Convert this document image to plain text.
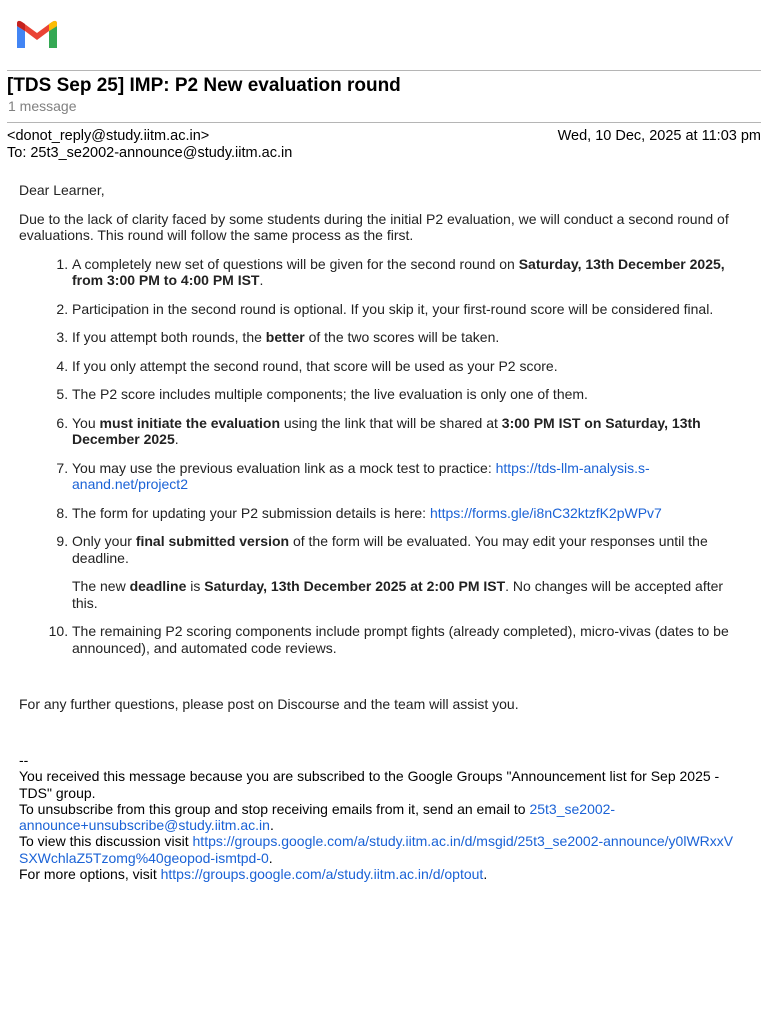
[TDS Sep 25] IMP: P2 New evaluation round
1 message
<donot_reply@study.iitm.ac.in>	Wed, 10 Dec, 2025 at 11:03 pm
To: 25t3_se2002-announce@study.iitm.ac.in

Dear Learner,

Due to the lack of clarity faced by some students during the initial P2 evaluation, we will conduct a second round of evaluations. This round will follow the same process as the first.

1. A completely new set of questions will be given for the second round on Saturday, 13th December 2025, from 3:00 PM to 4:00 PM IST.
2. Participation in the second round is optional. If you skip it, your first-round score will be considered final.
3. If you attempt both rounds, the better of the two scores will be taken.
4. If you only attempt the second round, that score will be used as your P2 score.
5. The P2 score includes multiple components; the live evaluation is only one of them.
6. You must initiate the evaluation using the link that will be shared at 3:00 PM IST on Saturday, 13th December 2025.
7. You may use the previous evaluation link as a mock test to practice: https://tds-llm-analysis.s-anand.net/project2
8. The form for updating your P2 submission details is here: https://forms.gle/i8nC32ktzfK2pWPv7
9. Only your final submitted version of the form will be evaluated. You may edit your responses until the deadline.
The new deadline is Saturday, 13th December 2025 at 2:00 PM IST. No changes will be accepted after this.
10. The remaining P2 scoring components include prompt fights (already completed), micro-vivas (dates to be announced), and automated code reviews.

For any further questions, please post on Discourse and the team will assist you.

--

You received this message because you are subscribed to the Google Groups "Announcement list for Sep 2025 - TDS" group.

To unsubscribe from this group and stop receiving emails from it, send an email to 25t3_se2002-announce+unsubscribe@study.iitm.ac.in.

To view this discussion visit https://groups.google.com/a/study.iitm.ac.in/d/msgid/25t3_se2002-announce/y0lWRxxVSXWchlaZ5Tzomg%40geopod-ismtpd-0.

For more options, visit https://groups.google.com/a/study.iitm.ac.in/d/optout.
